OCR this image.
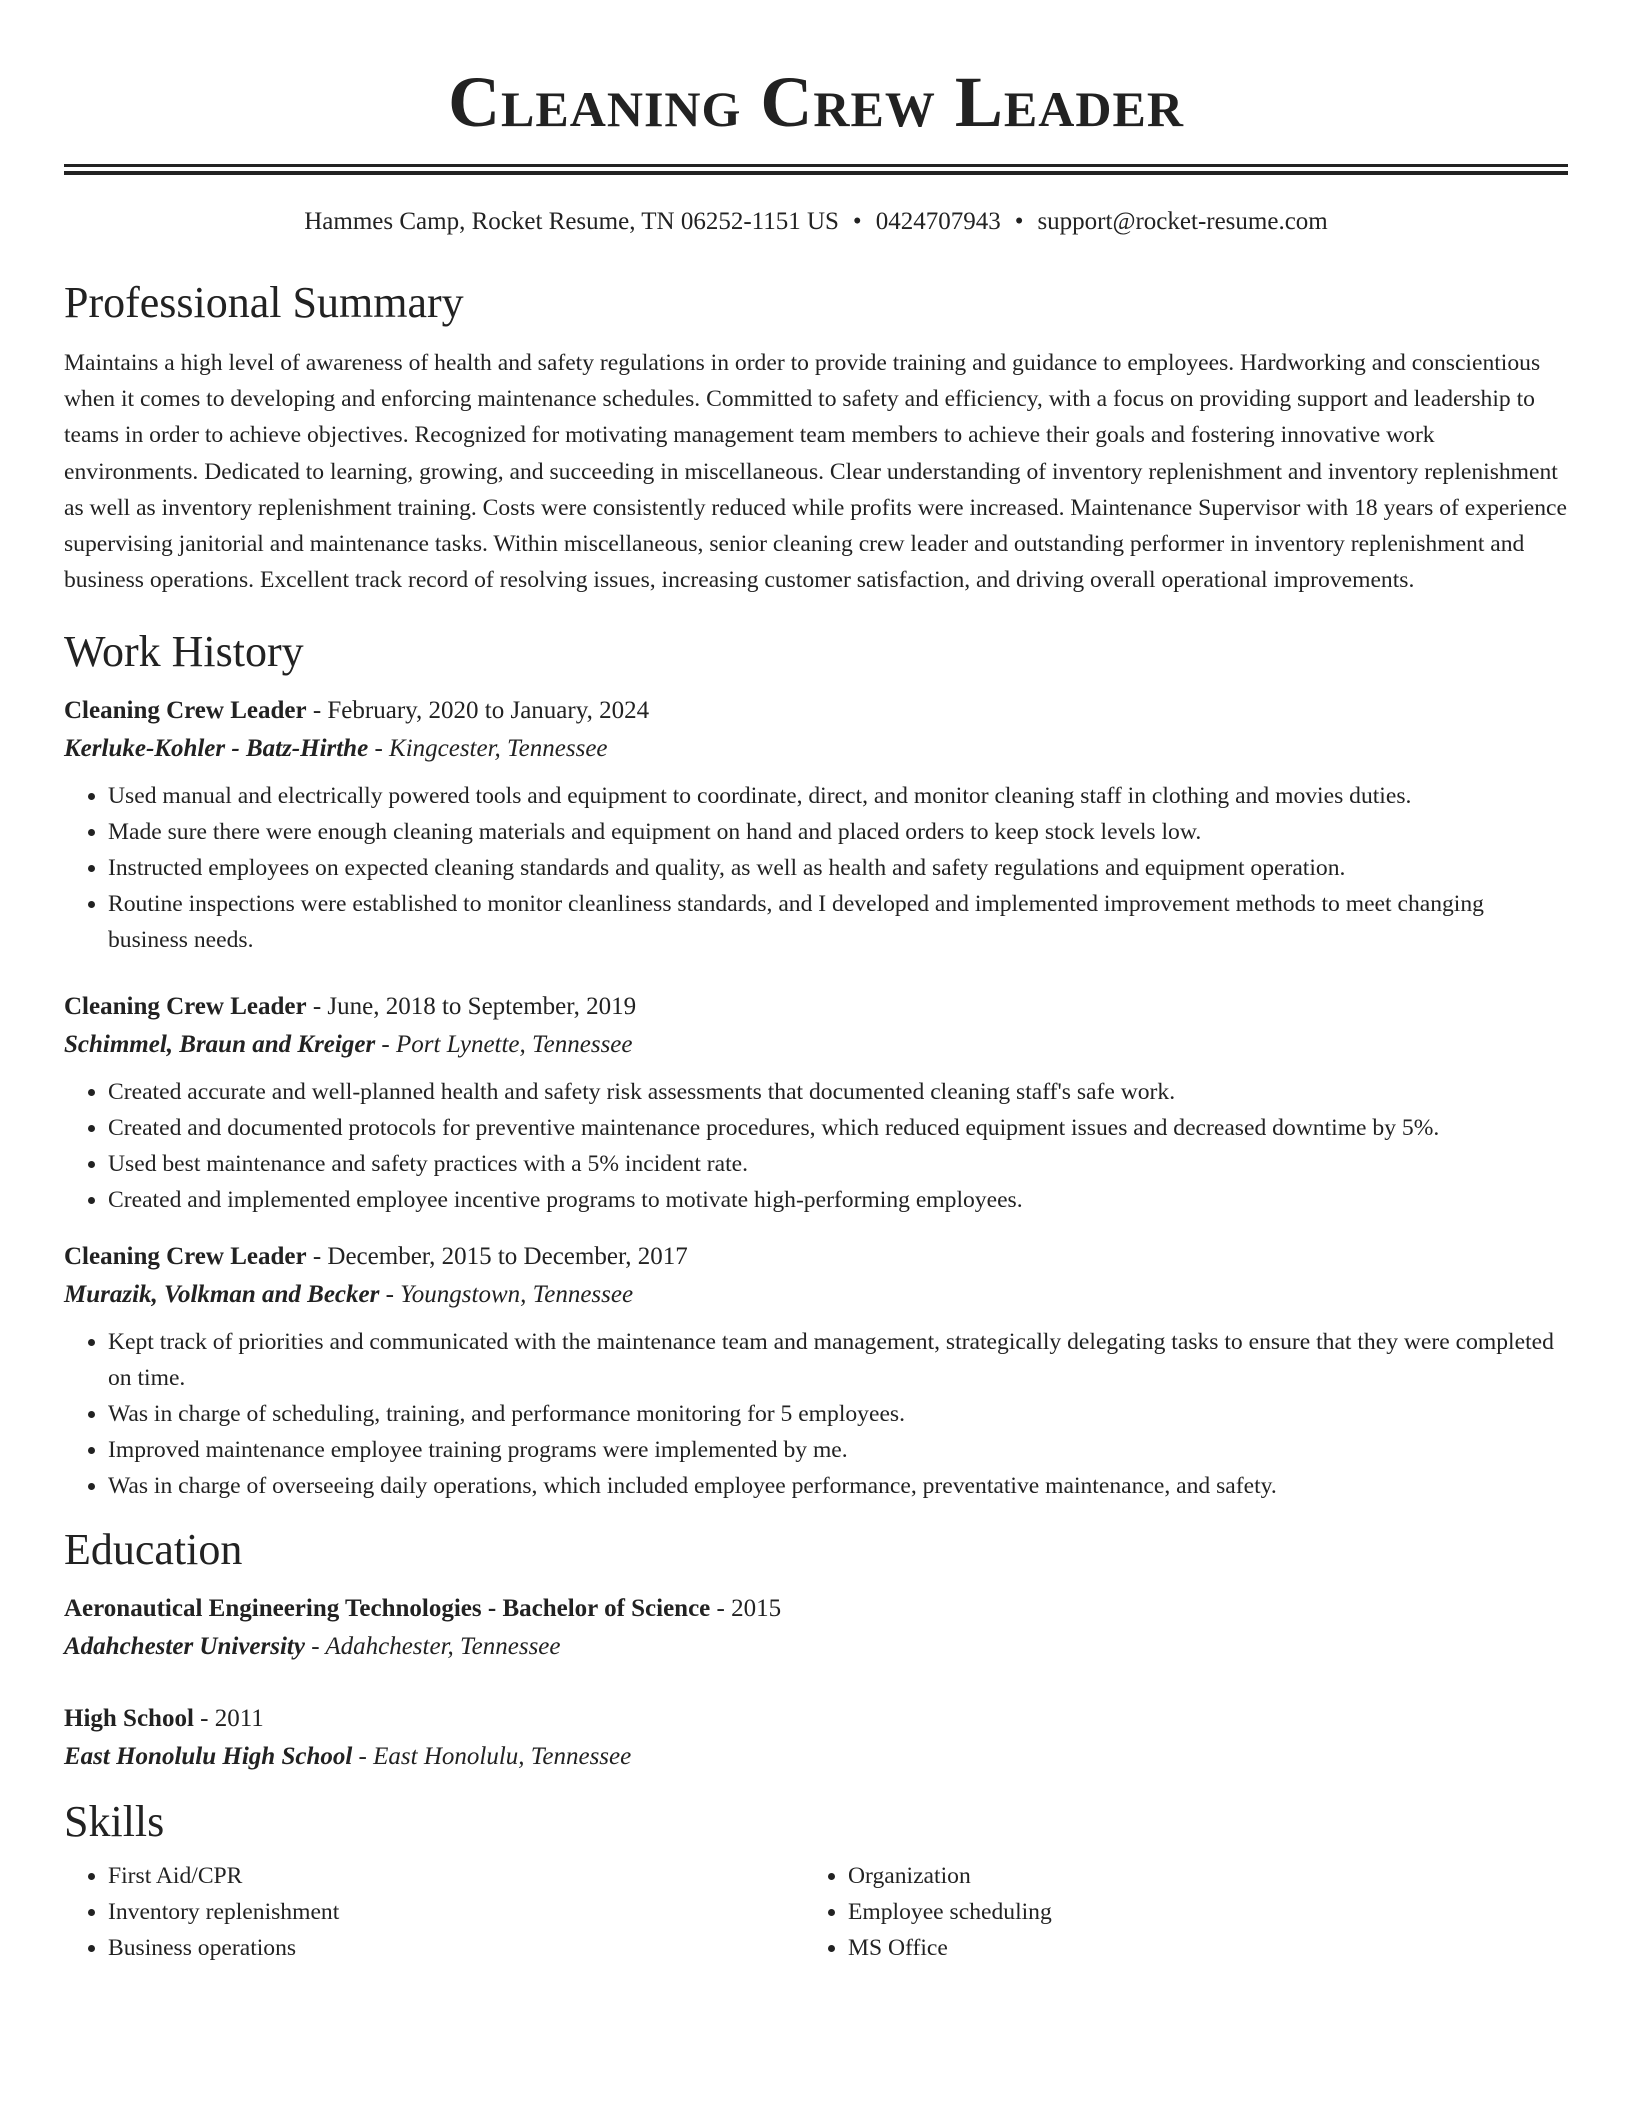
Cleaning Crew Leader
Hammes Camp, Rocket Resume, TN 06252-1151 US • 0424707943 • support@rocket-resume.com
Professional Summary
Maintains a high level of awareness of health and safety regulations in order to provide training and guidance to employees. Hardworking and conscientious when it comes to developing and enforcing maintenance schedules. Committed to safety and efficiency, with a focus on providing support and leadership to teams in order to achieve objectives. Recognized for motivating management team members to achieve their goals and fostering innovative work environments. Dedicated to learning, growing, and succeeding in miscellaneous. Clear understanding of inventory replenishment and inventory replenishment as well as inventory replenishment training. Costs were consistently reduced while profits were increased. Maintenance Supervisor with 18 years of experience supervising janitorial and maintenance tasks. Within miscellaneous, senior cleaning crew leader and outstanding performer in inventory replenishment and business operations. Excellent track record of resolving issues, increasing customer satisfaction, and driving overall operational improvements.
Work History
Cleaning Crew Leader - February, 2020 to January, 2024
Kerluke-Kohler - Batz-Hirthe - Kingcester, Tennessee
• Used manual and electrically powered tools and equipment to coordinate, direct, and monitor cleaning staff in clothing and movies duties.
• Made sure there were enough cleaning materials and equipment on hand and placed orders to keep stock levels low.
• Instructed employees on expected cleaning standards and quality, as well as health and safety regulations and equipment operation.
• Routine inspections were established to monitor cleanliness standards, and I developed and implemented improvement methods to meet changing business needs.
Cleaning Crew Leader - June, 2018 to September, 2019
Schimmel, Braun and Kreiger - Port Lynette, Tennessee
• Created accurate and well-planned health and safety risk assessments that documented cleaning staff's safe work.
• Created and documented protocols for preventive maintenance procedures, which reduced equipment issues and decreased downtime by 5%.
• Used best maintenance and safety practices with a 5% incident rate.
• Created and implemented employee incentive programs to motivate high-performing employees.
Cleaning Crew Leader - December, 2015 to December, 2017
Murazik, Volkman and Becker - Youngstown, Tennessee
• Kept track of priorities and communicated with the maintenance team and management, strategically delegating tasks to ensure that they were completed on time.
• Was in charge of scheduling, training, and performance monitoring for 5 employees.
• Improved maintenance employee training programs were implemented by me.
• Was in charge of overseeing daily operations, which included employee performance, preventative maintenance, and safety.
Education
Aeronautical Engineering Technologies - Bachelor of Science - 2015
Adahchester University - Adahchester, Tennessee
High School - 2011
East Honolulu High School - East Honolulu, Tennessee
Skills
• First Aid/CPR
• Inventory replenishment
• Business operations
• Organization
• Employee scheduling
• MS Office
